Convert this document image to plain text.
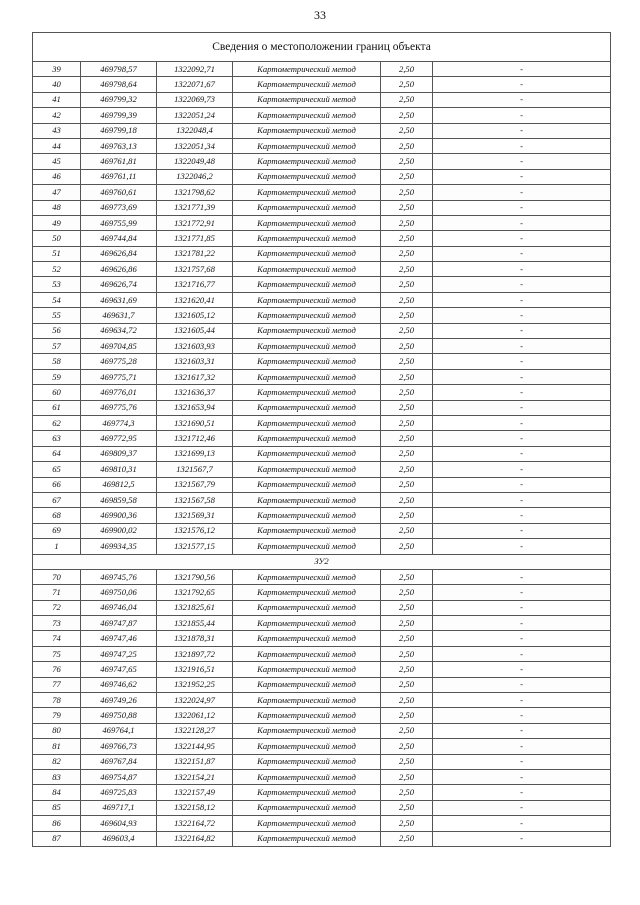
33
Сведения о местоположении границ объекта					
39	469798,57	1322092,71	Картометрический метод	2,50	-
40	469798,64	1322071,67	Картометрический метод	2,50	-
41	469799,32	1322069,73	Картометрический метод	2,50	-
42	469799,39	1322051,24	Картометрический метод	2,50	-
43	469799,18	1322048,4	Картометрический метод	2,50	-
44	469763,13	1322051,34	Картометрический метод	2,50	-
45	469761,81	1322049,48	Картометрический метод	2,50	-
46	469761,11	1322046,2	Картометрический метод	2,50	-
47	469760,61	1321798,62	Картометрический метод	2,50	-
48	469773,69	1321771,39	Картометрический метод	2,50	-
49	469755,99	1321772,91	Картометрический метод	2,50	-
50	469744,84	1321771,85	Картометрический метод	2,50	-
51	469626,84	1321781,22	Картометрический метод	2,50	-
52	469626,86	1321757,68	Картометрический метод	2,50	-
53	469626,74	1321716,77	Картометрический метод	2,50	-
54	469631,69	1321620,41	Картометрический метод	2,50	-
55	469631,7	1321605,12	Картометрический метод	2,50	-
56	469634,72	1321605,44	Картометрический метод	2,50	-
57	469704,85	1321603,93	Картометрический метод	2,50	-
58	469775,28	1321603,31	Картометрический метод	2,50	-
59	469775,71	1321617,32	Картометрический метод	2,50	-
60	469776,01	1321636,37	Картометрический метод	2,50	-
61	469775,76	1321653,94	Картометрический метод	2,50	-
62	469774,3	1321690,51	Картометрический метод	2,50	-
63	469772,95	1321712,46	Картометрический метод	2,50	-
64	469809,37	1321699,13	Картометрический метод	2,50	-
65	469810,31	1321567,7	Картометрический метод	2,50	-
66	469812,5	1321567,79	Картометрический метод	2,50	-
67	469859,58	1321567,58	Картометрический метод	2,50	-
68	469900,36	1321569,31	Картометрический метод	2,50	-
69	469900,02	1321576,12	Картометрический метод	2,50	-
1	469934,35	1321577,15	Картометрический метод	2,50	-
ЗУ2					
70	469745,76	1321790,56	Картометрический метод	2,50	-
71	469750,06	1321792,65	Картометрический метод	2,50	-
72	469746,04	1321825,61	Картометрический метод	2,50	-
73	469747,87	1321855,44	Картометрический метод	2,50	-
74	469747,46	1321878,31	Картометрический метод	2,50	-
75	469747,25	1321897,72	Картометрический метод	2,50	-
76	469747,65	1321916,51	Картометрический метод	2,50	-
77	469746,62	1321952,25	Картометрический метод	2,50	-
78	469749,26	1322024,97	Картометрический метод	2,50	-
79	469750,88	1322061,12	Картометрический метод	2,50	-
80	469764,1	1322128,27	Картометрический метод	2,50	-
81	469766,73	1322144,95	Картометрический метод	2,50	-
82	469767,84	1322151,87	Картометрический метод	2,50	-
83	469754,87	1322154,21	Картометрический метод	2,50	-
84	469725,83	1322157,49	Картометрический метод	2,50	-
85	469717,1	1322158,12	Картометрический метод	2,50	-
86	469604,93	1322164,72	Картометрический метод	2,50	-
87	469603,4	1322164,82	Картометрический метод	2,50	-
